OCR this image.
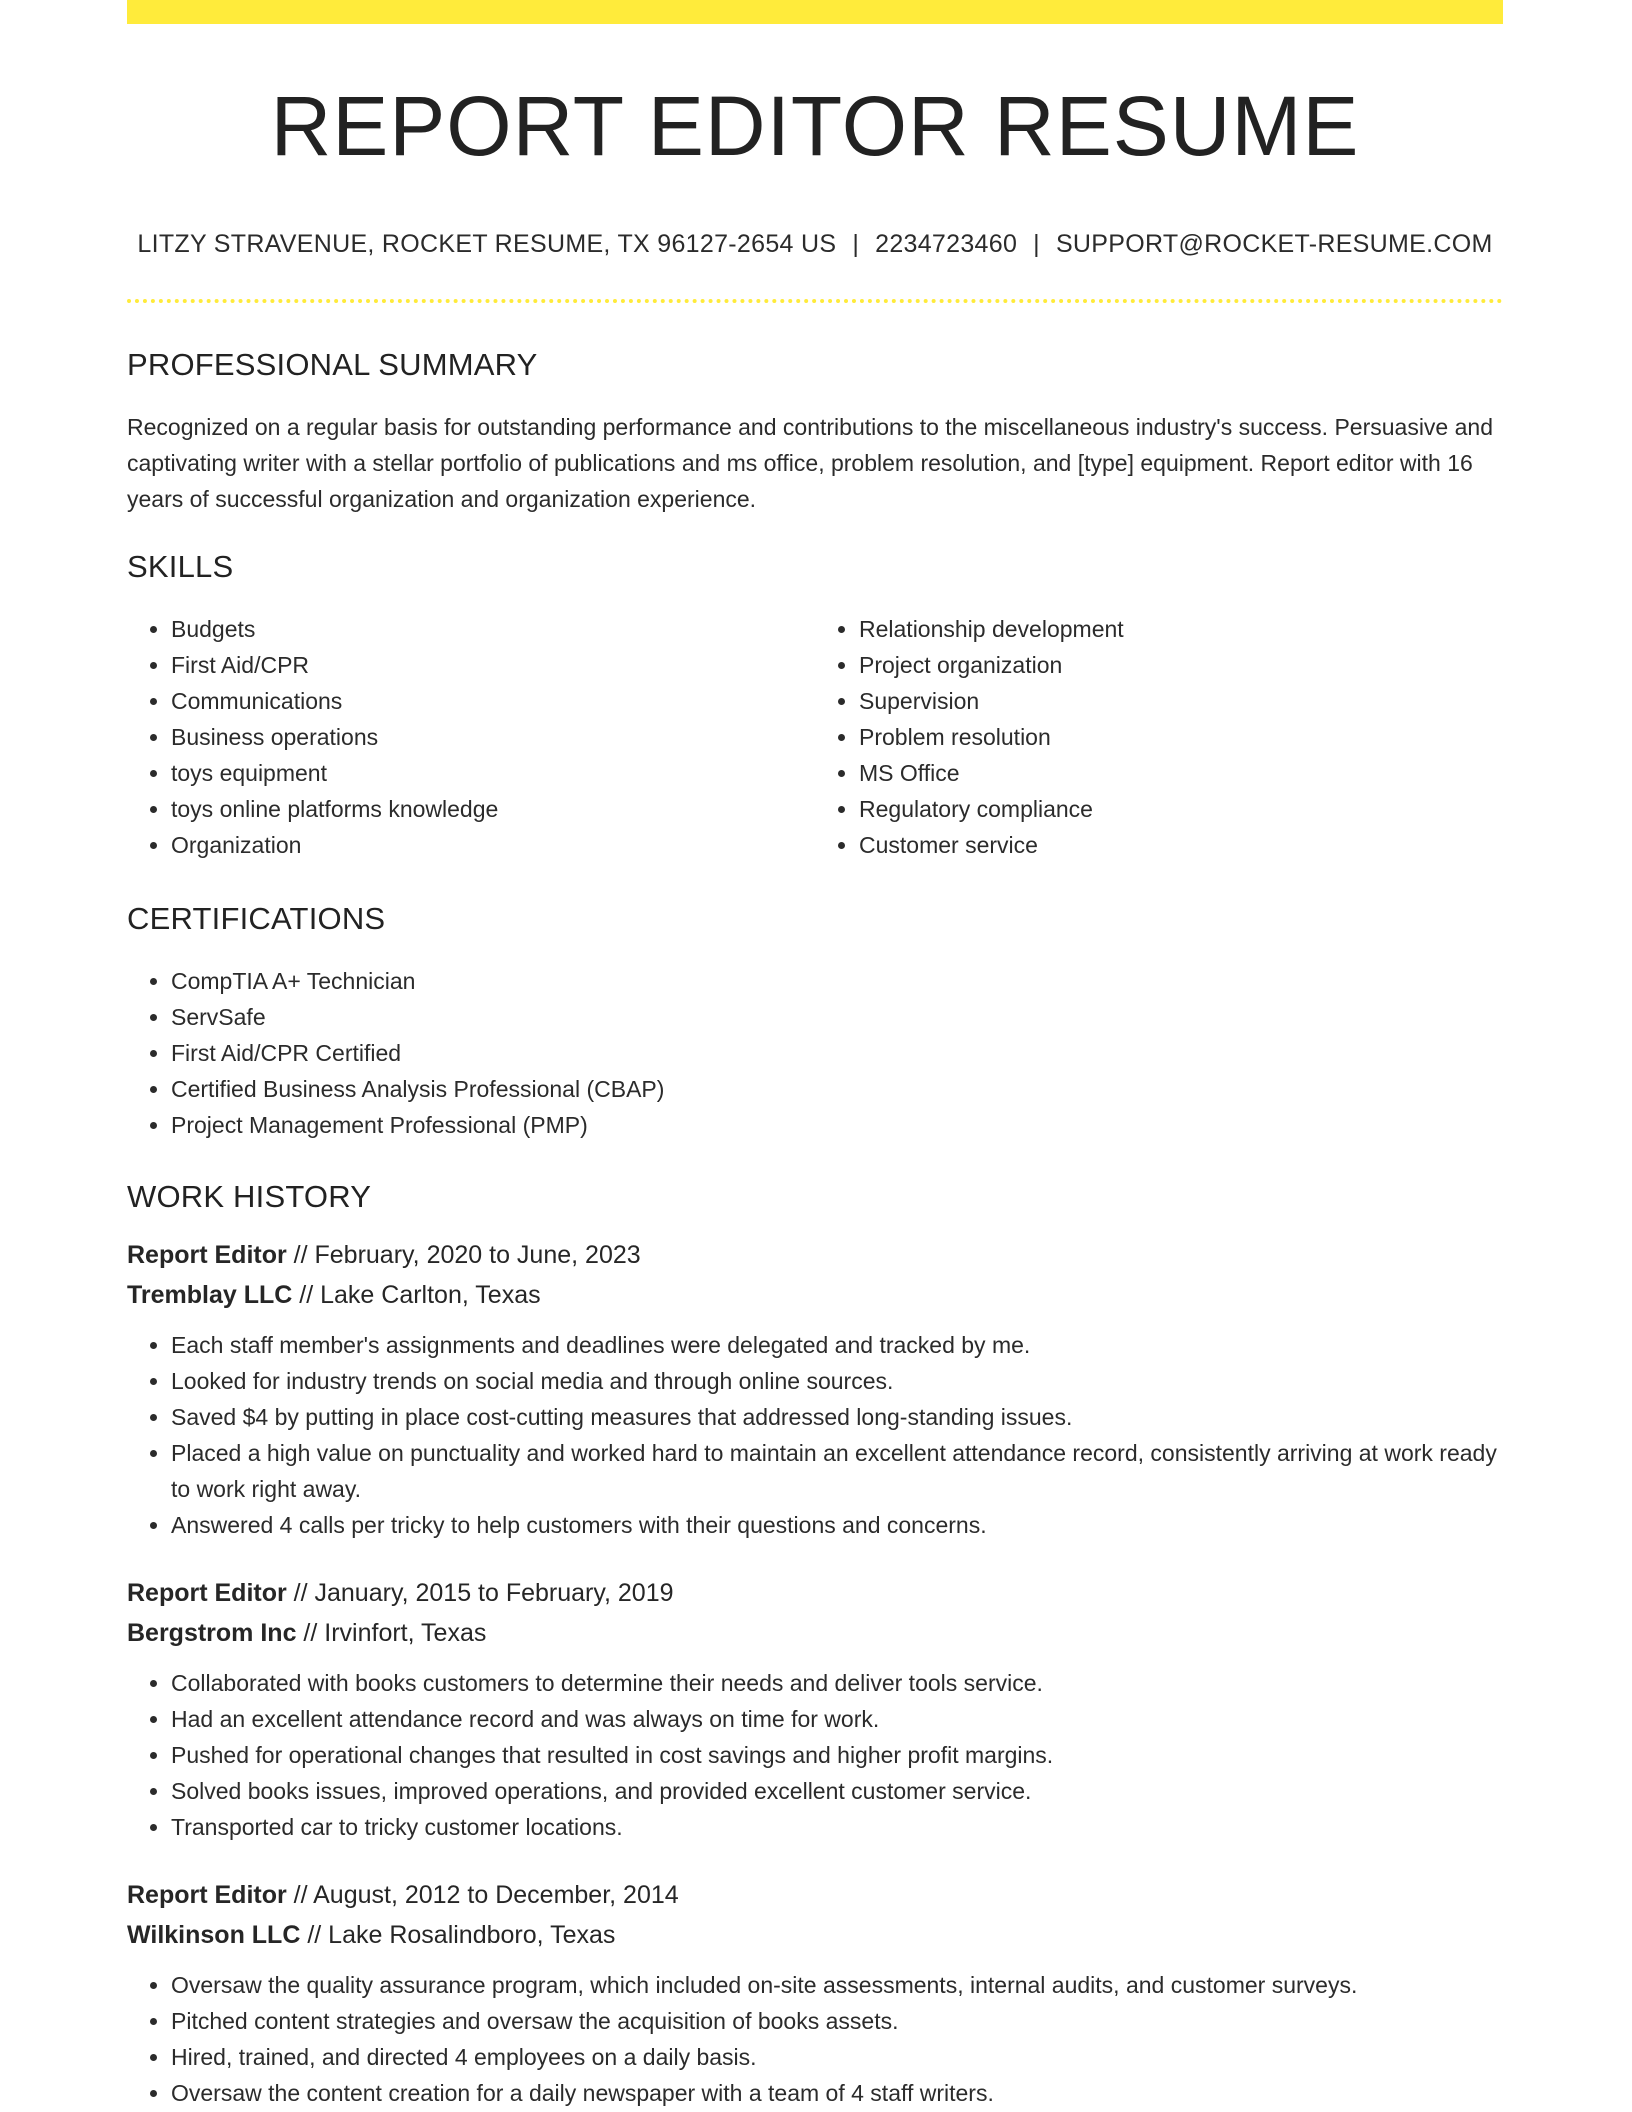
REPORT EDITOR RESUME
LITZY STRAVENUE, ROCKET RESUME, TX 96127-2654 US | 2234723460 | SUPPORT@ROCKET-RESUME.COM
PROFESSIONAL SUMMARY
Recognized on a regular basis for outstanding performance and contributions to the miscellaneous industry's success. Persuasive and captivating writer with a stellar portfolio of publications and ms office, problem resolution, and [type] equipment. Report editor with 16 years of successful organization and organization experience.
SKILLS
• Budgets
• First Aid/CPR
• Communications
• Business operations
• toys equipment
• toys online platforms knowledge
• Organization
• Relationship development
• Project organization
• Supervision
• Problem resolution
• MS Office
• Regulatory compliance
• Customer service
CERTIFICATIONS
• CompTIA A+ Technician
• ServSafe
• First Aid/CPR Certified
• Certified Business Analysis Professional (CBAP)
• Project Management Professional (PMP)
WORK HISTORY
Report Editor // February, 2020 to June, 2023
Tremblay LLC // Lake Carlton, Texas
• Each staff member's assignments and deadlines were delegated and tracked by me.
• Looked for industry trends on social media and through online sources.
• Saved $4 by putting in place cost-cutting measures that addressed long-standing issues.
• Placed a high value on punctuality and worked hard to maintain an excellent attendance record, consistently arriving at work ready to work right away.
• Answered 4 calls per tricky to help customers with their questions and concerns.
Report Editor // January, 2015 to February, 2019
Bergstrom Inc // Irvinfort, Texas
• Collaborated with books customers to determine their needs and deliver tools service.
• Had an excellent attendance record and was always on time for work.
• Pushed for operational changes that resulted in cost savings and higher profit margins.
• Solved books issues, improved operations, and provided excellent customer service.
• Transported car to tricky customer locations.
Report Editor // August, 2012 to December, 2014
Wilkinson LLC // Lake Rosalindboro, Texas
• Oversaw the quality assurance program, which included on-site assessments, internal audits, and customer surveys.
• Pitched content strategies and oversaw the acquisition of books assets.
• Hired, trained, and directed 4 employees on a daily basis.
• Oversaw the content creation for a daily newspaper with a team of 4 staff writers.
